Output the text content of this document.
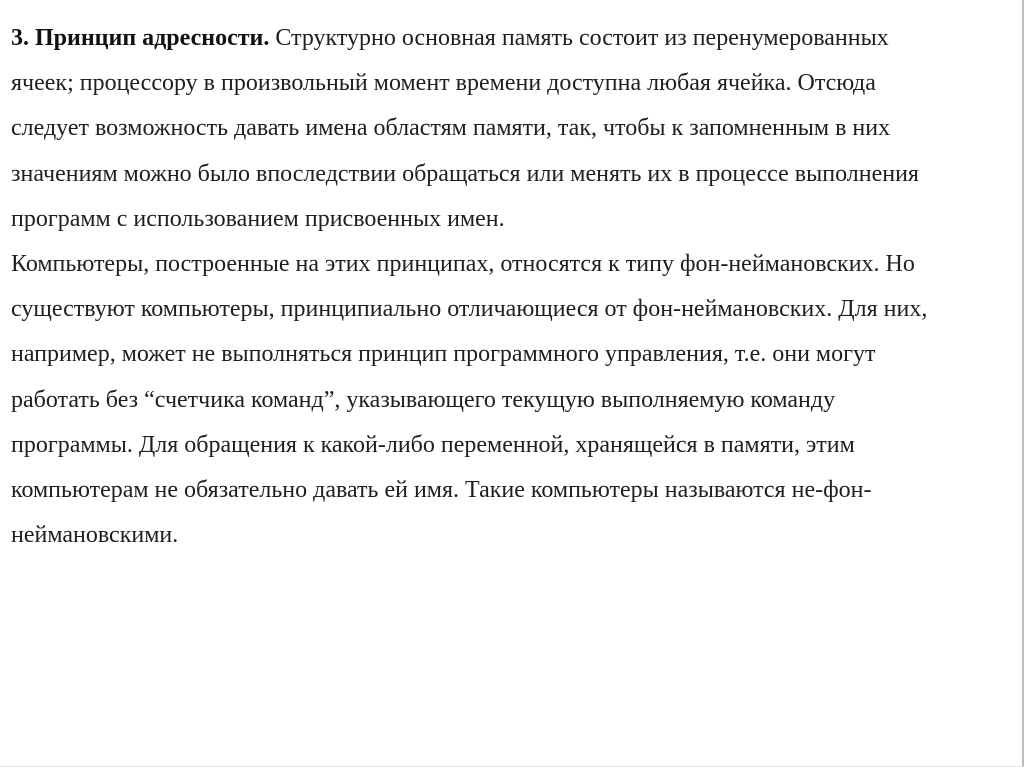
3. Принцип адресности. Структурно основная память состоит из перенумерованных
ячеек; процессору в произвольный момент времени доступна любая ячейка. Отсюда
следует возможность давать имена областям памяти, так, чтобы к запомненным в них
значениям можно было впоследствии обращаться или менять их в процессе выполнения
программ с использованием присвоенных имен.

Компьютеры, построенные на этих принципах, относятся к типу фон-неймановских. Но
существуют компьютеры, принципиально отличающиеся от фон-неймановских. Для них,
например, может не выполняться принцип программного управления, т.е. они могут
работать без “счетчика команд”, указывающего текущую выполняемую команду
программы. Для обращения к какой-либо переменной, хранящейся в памяти, этим
компьютерам не обязательно давать ей имя. Такие компьютеры называются не-фон-
неймановскими.
